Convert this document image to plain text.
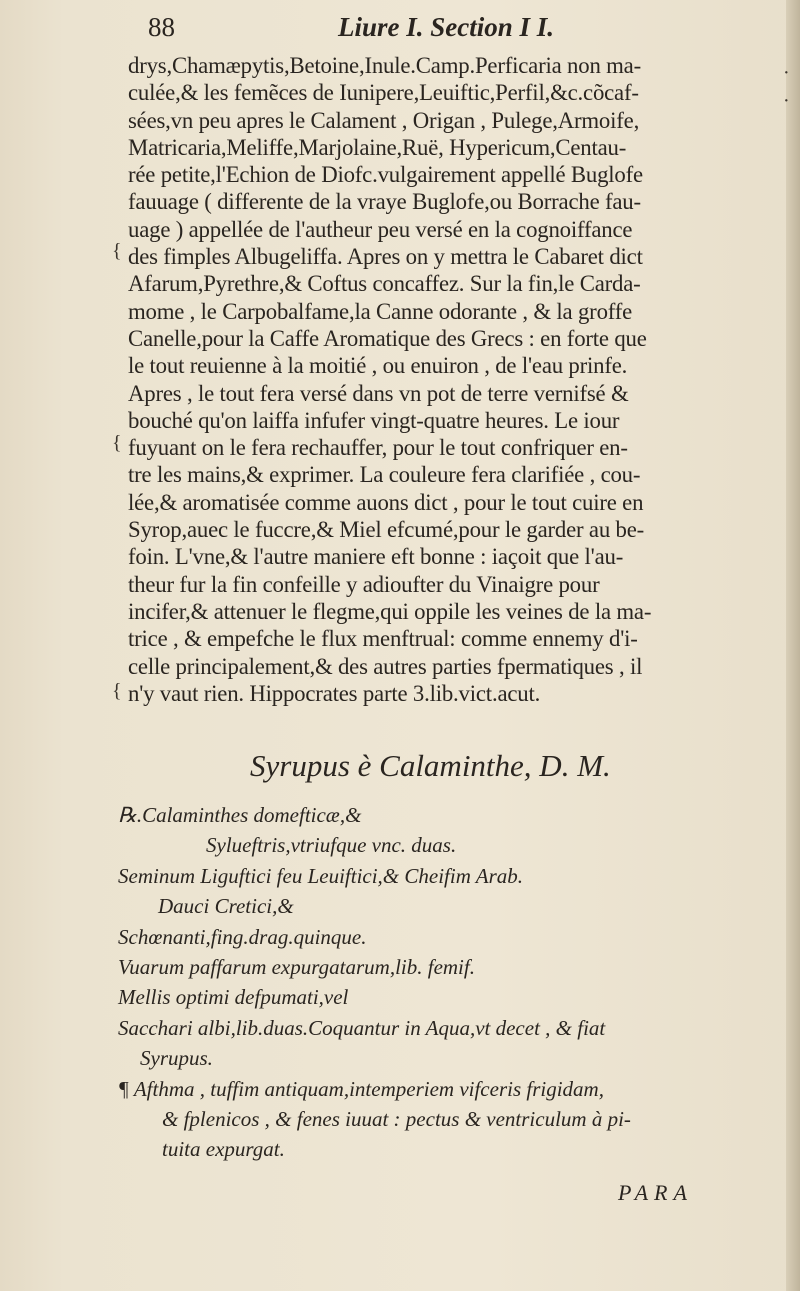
88	Liure I. Section I I.
drys,Chamæpytis,Betoine,Inule.Camp.Perficaria non ma-
culée,& les femẽces de Iunipere,Leuiftic,Perfil,&c.cõcaf-
sées,vn peu apres le Calament , Origan , Pulege,Armoife,
Matricaria,Meliffe,Marjolaine,Ruë, Hypericum,Centau-
rée petite,l'Echion de Diofc.vulgairement appellé Buglofe
fauuage ( differente de la vraye Buglofe,ou Borrache fau-
uage ) appellée de l'autheur peu versé en la cognoiffance
des fimples Albugeliffa. Apres on y mettra le Cabaret dict
Afarum,Pyrethre,& Coftus concaffez. Sur la fin,le Carda-
mome , le Carpobalfame,la Canne odorante , & la groffe
Canelle,pour la Caffe Aromatique des Grecs : en forte que
le tout reuienne à la moitié , ou enuiron , de l'eau prinfe.
Apres , le tout fera versé dans vn pot de terre vernifsé &
bouché qu'on laiffa infufer vingt-quatre heures. Le iour
fuyuant on le fera rechauffer, pour le tout confriquer en-
tre les mains,& exprimer. La couleure fera clarifiée , cou-
lée,& aromatisée comme auons dict , pour le tout cuire en
Syrop,auec le fuccre,& Miel efcumé,pour le garder au be-
foin. L'vne,& l'autre maniere eft bonne : iaçoit que l'au-
theur fur la fin confeille y adioufter du Vinaigre pour
incifer,& attenuer le flegme,qui oppile les veines de la ma-
trice , & empefche le flux menftrual: comme ennemy d'i-
celle principalement,& des autres parties fpermatiques , il
n'y vaut rien. Hippocrates parte 3.lib.vict.acut.
Syrupus è Calaminthe, D. M.
℞.Calaminthes domefticæ,&
Sylueftris,vtriufque vnc. duas.
Seminum Liguftici feu Leuiftici,& Cheifim Arab.
Dauci Cretici,&
Schœnanti,fing.drag.quinque.
Vuarum paffarum expurgatarum,lib. femif.
Mellis optimi defpumati,vel
Sacchari albi,lib.duas.Coquantur in Aqua,vt decet , & fiat
Syrupus.
¶ Afthma , tuffim antiquam,intemperiem vifceris frigidam,
& fplenicos , & fenes iuuat : pectus & ventriculum à pi-
tuita expurgat.
PARA
·
·
{
{
{
